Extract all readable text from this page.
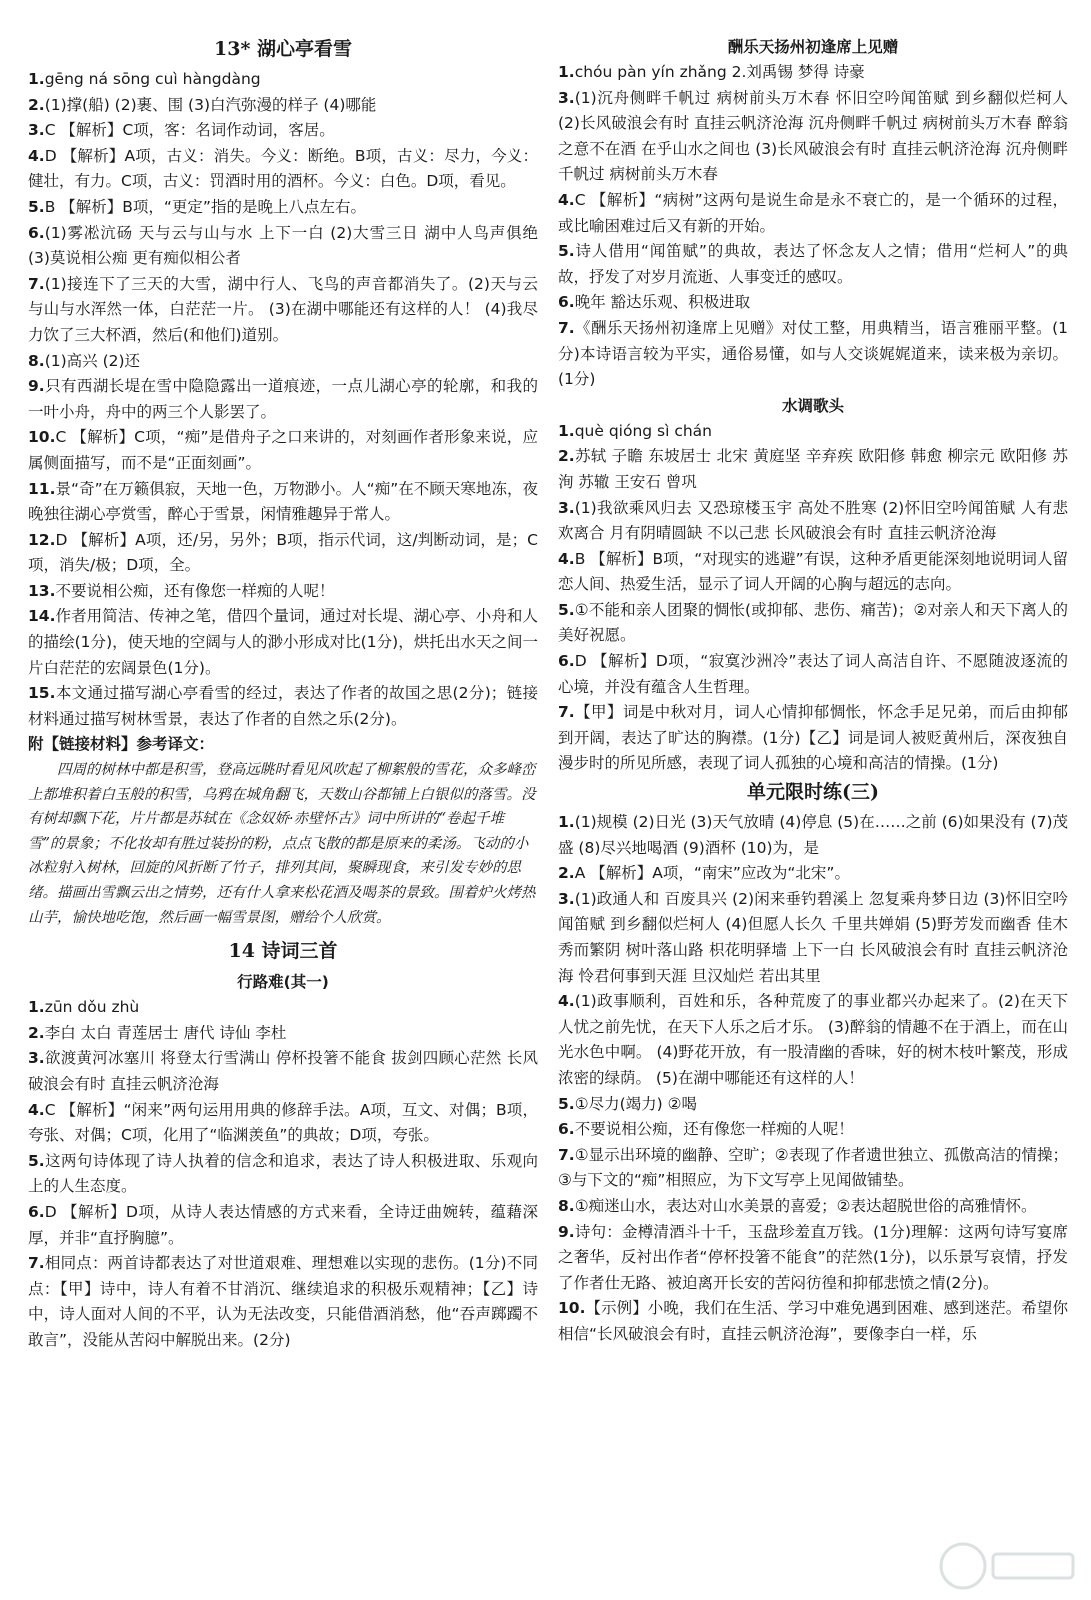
13* 湖心亭看雪

1.gēng ná sōng cuì hàngdàng

2.(1)撑(船) (2)裹、围 (3)白汽弥漫的样子 (4)哪能

3.C 【解析】C项，客：名词作动词，客居。

4.D 【解析】A项，古义：消失。今义：断绝。B项，古义：尽力，今义：健壮，有力。C项，古义：罚酒时用的酒杯。今义：白色。D项，看见。

5.B 【解析】B项，“更定”指的是晚上八点左右。

6.(1)雾凇沆砀 天与云与山与水 上下一白 (2)大雪三日 湖中人鸟声俱绝 (3)莫说相公痴 更有痴似相公者

7.(1)接连下了三天的大雪，湖中行人、飞鸟的声音都消失了。(2)天与云与山与水浑然一体，白茫茫一片。 (3)在湖中哪能还有这样的人！ (4)我尽力饮了三大杯酒，然后(和他们)道别。

8.(1)高兴 (2)还

9.只有西湖长堤在雪中隐隐露出一道痕迹，一点儿湖心亭的轮廓，和我的一叶小舟，舟中的两三个人影罢了。

10.C 【解析】C项，“痴”是借舟子之口来讲的，对刻画作者形象来说，应属侧面描写，而不是“正面刻画”。

11.景“奇”在万籁俱寂，天地一色，万物渺小。人“痴”在不顾天寒地冻，夜晚独往湖心亭赏雪，醉心于雪景，闲情雅趣异于常人。

12.D 【解析】A项，还/另，另外；B项，指示代词，这/判断动词，是；C项，消失/极；D项，全。

13.不要说相公痴，还有像您一样痴的人呢！

14.作者用简洁、传神之笔，借四个量词，通过对长堤、湖心亭、小舟和人的描绘(1分)，使天地的空阔与人的渺小形成对比(1分)，烘托出水天之间一片白茫茫的宏阔景色(1分)。

15.本文通过描写湖心亭看雪的经过，表达了作者的故国之思(2分)；链接材料通过描写树林雪景，表达了作者的自然之乐(2分)。

附【链接材料】参考译文：

四周的树林中都是积雪，登高远眺时看见风吹起了柳絮般的雪花，众多峰峦上都堆积着白玉般的积雪，乌鸦在城角翻飞，天数山谷都铺上白银似的落雪。没有树却飘下花，片片都是苏轼在《念奴娇·赤壁怀古》词中所讲的“卷起千堆雪”的景象；不化妆却有胜过装扮的粉，点点飞散的都是原来的柔汤。飞动的小冰粒射入树林，回旋的风折断了竹子，排列其间，聚瞬现食，来引发专妙的思绪。描画出雪飘云出之情势，还有什人拿来松花酒及喝茶的景致。围着炉火烤热山芋，愉快地吃饱，然后画一幅雪景图，赠给个人欣赏。

14 诗词三首

行路难(其一)

1.zūn dǒu zhù

2.李白 太白 青莲居士 唐代 诗仙 李杜

3.欲渡黄河冰塞川 将登太行雪满山 停杯投箸不能食 拔剑四顾心茫然 长风破浪会有时 直挂云帆济沧海

4.C 【解析】“闲来”两句运用用典的修辞手法。A项，互文、对偶；B项，夸张、对偶；C项，化用了“临渊羡鱼”的典故；D项，夸张。

5.这两句诗体现了诗人执着的信念和追求，表达了诗人积极进取、乐观向上的人生态度。

6.D 【解析】D项，从诗人表达情感的方式来看，全诗迂曲婉转，蕴藉深厚，并非“直抒胸臆”。

7.相同点：两首诗都表达了对世道艰难、理想难以实现的悲伤。(1分)不同点：【甲】诗中，诗人有着不甘消沉、继续追求的积极乐观精神；【乙】诗中，诗人面对人间的不平，认为无法改变，只能借酒消愁，他“吞声踯躅不敢言”，没能从苦闷中解脱出来。(2分)

酬乐天扬州初逢席上见赠

1.chóu pàn yín zhǎng 2.刘禹锡 梦得 诗豪

3.(1)沉舟侧畔千帆过 病树前头万木春 怀旧空吟闻笛赋 到乡翻似烂柯人 (2)长风破浪会有时 直挂云帆济沧海 沉舟侧畔千帆过 病树前头万木春 醉翁之意不在酒 在乎山水之间也 (3)长风破浪会有时 直挂云帆济沧海 沉舟侧畔千帆过 病树前头万木春

4.C 【解析】“病树”这两句是说生命是永不衰亡的，是一个循环的过程，或比喻困难过后又有新的开始。

5.诗人借用“闻笛赋”的典故，表达了怀念友人之情；借用“烂柯人”的典故，抒发了对岁月流逝、人事变迁的感叹。

6.晚年 豁达乐观、积极进取

7.《酬乐天扬州初逢席上见赠》对仗工整，用典精当，语言雅丽平整。(1分)本诗语言较为平实，通俗易懂，如与人交谈娓娓道来，读来极为亲切。(1分)

水调歌头

1.què qióng sì chán

2.苏轼 子瞻 东坡居士 北宋 黄庭坚 辛弃疾 欧阳修 韩愈 柳宗元 欧阳修 苏洵 苏辙 王安石 曾巩

3.(1)我欲乘风归去 又恐琼楼玉宇 高处不胜寒 (2)怀旧空吟闻笛赋 人有悲欢离合 月有阴晴圆缺 不以己悲 长风破浪会有时 直挂云帆济沧海

4.B 【解析】B项，“对现实的逃避”有误，这种矛盾更能深刻地说明词人留恋人间、热爱生活，显示了词人开阔的心胸与超远的志向。

5.①不能和亲人团聚的惆怅(或抑郁、悲伤、痛苦)；②对亲人和天下离人的美好祝愿。

6.D 【解析】D项，“寂寞沙洲冷”表达了词人高洁自许、不愿随波逐流的心境，并没有蕴含人生哲理。

7.【甲】词是中秋对月，词人心情抑郁惆怅，怀念手足兄弟，而后由抑郁到开阔，表达了旷达的胸襟。(1分)【乙】词是词人被贬黄州后，深夜独自漫步时的所见所感，表现了词人孤独的心境和高洁的情操。(1分)

单元限时练(三)

1.(1)规模 (2)日光 (3)天气放晴 (4)停息 (5)在……之前 (6)如果没有 (7)茂盛 (8)尽兴地喝酒 (9)酒杯 (10)为，是

2.A 【解析】A项，“南宋”应改为“北宋”。

3.(1)政通人和 百废具兴 (2)闲来垂钓碧溪上 忽复乘舟梦日边 (3)怀旧空吟闻笛赋 到乡翻似烂柯人 (4)但愿人长久 千里共婵娟 (5)野芳发而幽香 佳木秀而繁阴 树叶落山路 枳花明驿墙 上下一白 长风破浪会有时 直挂云帆济沧海 怜君何事到天涯 旦汉灿烂 若出其里

4.(1)政事顺利，百姓和乐，各种荒废了的事业都兴办起来了。(2)在天下人忧之前先忧，在天下人乐之后才乐。 (3)醉翁的情趣不在于酒上，而在山光水色中啊。 (4)野花开放，有一股清幽的香味，好的树木枝叶繁茂，形成浓密的绿荫。 (5)在湖中哪能还有这样的人！

5.①尽力(竭力) ②喝

6.不要说相公痴，还有像您一样痴的人呢！

7.①显示出环境的幽静、空旷；②表现了作者遗世独立、孤傲高洁的情操；③与下文的“痴”相照应，为下文写亭上见闻做铺垫。

8.①痴迷山水，表达对山水美景的喜爱；②表达超脱世俗的高雅情怀。

9.诗句：金樽清酒斗十千，玉盘珍羞直万钱。(1分)理解：这两句诗写宴席之奢华，反衬出作者“停杯投箸不能食”的茫然(1分)，以乐景写哀情，抒发了作者仕无路、被迫离开长安的苦闷彷徨和抑郁悲愤之情(2分)。

10.【示例】小晚，我们在生活、学习中难免遇到困难、感到迷茫。希望你相信“长风破浪会有时，直挂云帆济沧海”，要像李白一样，乐
